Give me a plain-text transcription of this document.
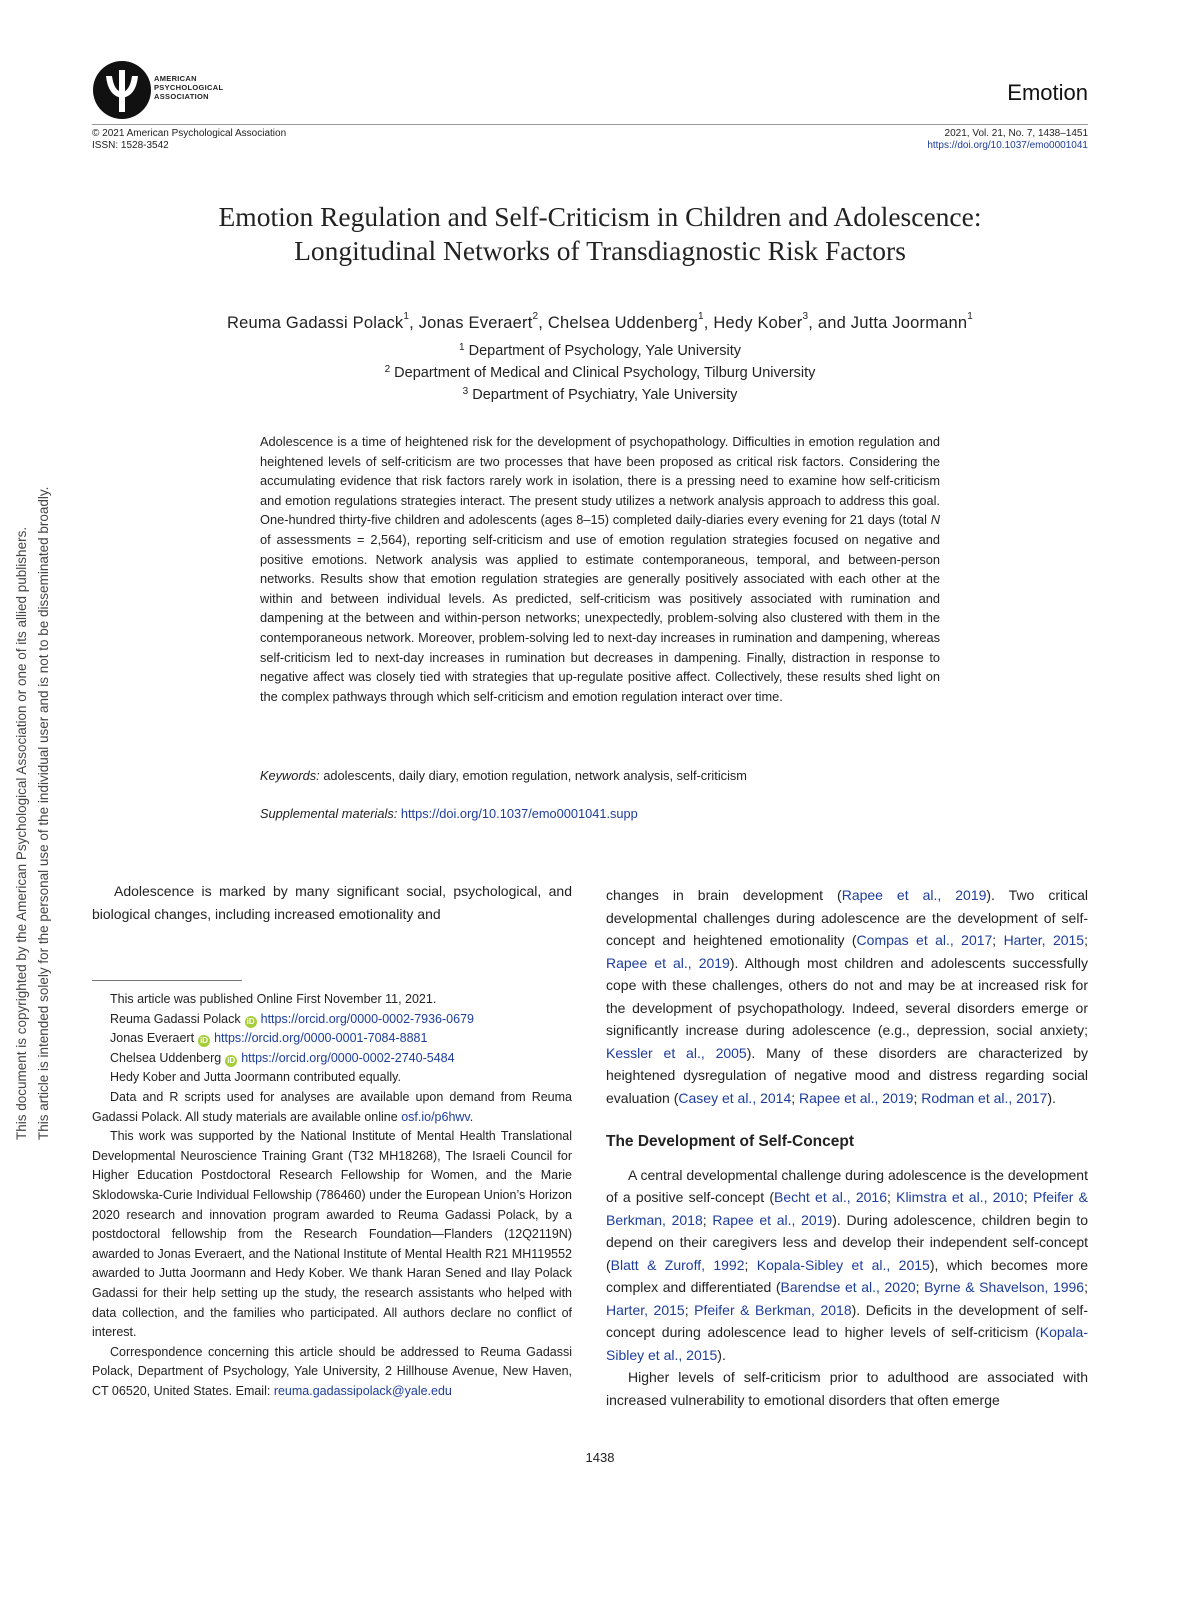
AMERICAN
PSYCHOLOGICAL
ASSOCIATION	Emotion
© 2021 American Psychological Association
ISSN: 1528-3542
2021, Vol. 21, No. 7, 1438–1451
https://doi.org/10.1037/emo0001041
Emotion Regulation and Self-Criticism in Children and Adolescence:
Longitudinal Networks of Transdiagnostic Risk Factors
Reuma Gadassi Polack$^1$, Jonas Everaert$^2$, Chelsea Uddenberg$^1$, Hedy Kober$^3$, and Jutta Joormann$^1$
$^1$ Department of Psychology, Yale University
$^2$ Department of Medical and Clinical Psychology, Tilburg University
$^3$ Department of Psychiatry, Yale University
Adolescence is a time of heightened risk for the development of psychopathology. Difficulties in emotion regulation and heightened levels of self-criticism are two processes that have been proposed as critical risk factors. Considering the accumulating evidence that risk factors rarely work in isolation, there is a pressing need to examine how self-criticism and emotion regulations strategies interact. The present study utilizes a network analysis approach to address this goal. One-hundred thirty-five children and adolescents (ages 8–15) completed daily-diaries every evening for 21 days (total N of assessments = 2,564), reporting self-criticism and use of emotion regulation strategies focused on negative and positive emotions. Network analysis was applied to estimate contemporaneous, temporal, and between-person networks. Results show that emotion regulation strategies are generally positively associated with each other at the within and between individual levels. As predicted, self-criticism was positively associated with rumination and dampening at the between and within-person networks; unexpectedly, problem-solving also clustered with them in the contemporaneous network. Moreover, problem-solving led to next-day increases in rumination and dampening, whereas self-criticism led to next-day increases in rumination but decreases in dampening. Finally, distraction in response to negative affect was closely tied with strategies that up-regulate positive affect. Collectively, these results shed light on the complex pathways through which self-criticism and emotion regulation interact over time.
Keywords: adolescents, daily diary, emotion regulation, network analysis, self-criticism
Supplemental materials: https://doi.org/10.1037/emo0001041.supp
This document is copyrighted by the American Psychological Association or one of its allied publishers. This article is intended solely for the personal use of the individual user and is not to be disseminated broadly.	Adolescence is marked by many significant social, psychological, and biological changes, including increased emotionality and

This article was published Online First November 11, 2021.

Reuma Gadassi Polack iD https://orcid.org/0000-0002-7936-0679

Jonas Everaert iD https://orcid.org/0000-0001-7084-8881

Chelsea Uddenberg iD https://orcid.org/0000-0002-2740-5484

Hedy Kober and Jutta Joormann contributed equally.

Data and R scripts used for analyses are available upon demand from Reuma Gadassi Polack. All study materials are available online osf.io/p6hwv.

This work was supported by the National Institute of Mental Health Translational Developmental Neuroscience Training Grant (T32 MH18268), The Israeli Council for Higher Education Postdoctoral Research Fellowship for Women, and the Marie Sklodowska-Curie Individual Fellowship (786460) under the European Union’s Horizon 2020 research and innovation program awarded to Reuma Gadassi Polack, by a postdoctoral fellowship from the Research Foundation—Flanders (12Q2119N) awarded to Jonas Everaert, and the National Institute of Mental Health R21 MH119552 awarded to Jutta Joormann and Hedy Kober. We thank Haran Sened and Ilay Polack Gadassi for their help setting up the study, the research assistants who helped with data collection, and the families who participated. All authors declare no conflict of interest.

Correspondence concerning this article should be addressed to Reuma Gadassi Polack, Department of Psychology, Yale University, 2 Hillhouse Avenue, New Haven, CT 06520, United States. Email: reuma.gadassipolack@yale.edu

changes in brain development (Rapee et al., 2019). Two critical developmental challenges during adolescence are the development of self-concept and heightened emotionality (Compas et al., 2017; Harter, 2015; Rapee et al., 2019). Although most children and adolescents successfully cope with these challenges, others do not and may be at increased risk for the development of psychopathology. Indeed, several disorders emerge or significantly increase during adolescence (e.g., depression, social anxiety; Kessler et al., 2005). Many of these disorders are characterized by heightened dysregulation of negative mood and distress regarding social evaluation (Casey et al., 2014; Rapee et al., 2019; Rodman et al., 2017).

The Development of Self-Concept

A central developmental challenge during adolescence is the development of a positive self-concept (Becht et al., 2016; Klimstra et al., 2010; Pfeifer & Berkman, 2018; Rapee et al., 2019). During adolescence, children begin to depend on their caregivers less and develop their independent self-concept (Blatt & Zuroff, 1992; Kopala-Sibley et al., 2015), which becomes more complex and differentiated (Barendse et al., 2020; Byrne & Shavelson, 1996; Harter, 2015; Pfeifer & Berkman, 2018). Deficits in the development of self-concept during adolescence lead to higher levels of self-criticism (Kopala-Sibley et al., 2015).

Higher levels of self-criticism prior to adulthood are associated with increased vulnerability to emotional disorders that often emerge

1438
